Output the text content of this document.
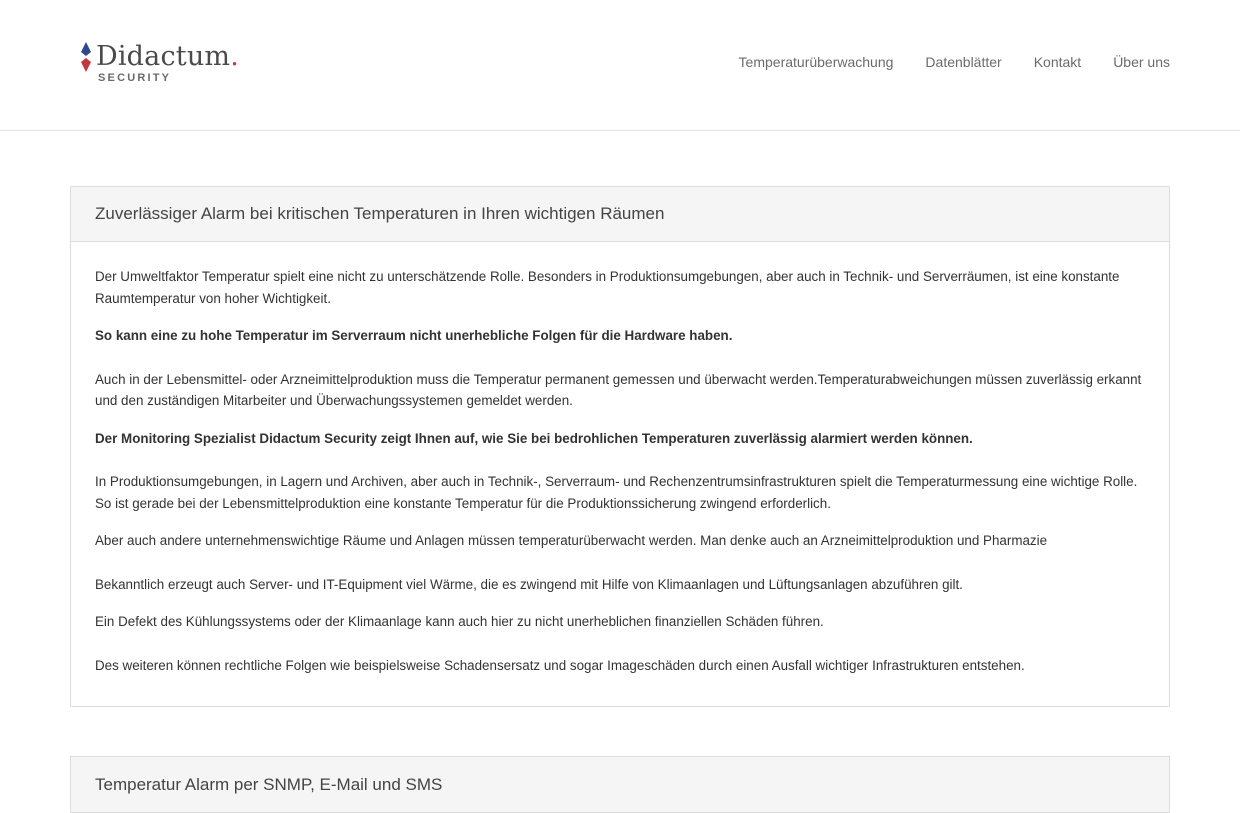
Didactum.
SECURITY
Temperaturüberwachung Datenblätter Kontakt Über uns
Zuverlässiger Alarm bei kritischen Temperaturen in Ihren wichtigen Räumen

Der Umweltfaktor Temperatur spielt eine nicht zu unterschätzende Rolle. Besonders in Produktionsumgebungen, aber auch in Technik- und Serverräumen, ist eine konstante Raumtemperatur von hoher Wichtigkeit.

So kann eine zu hohe Temperatur im Serverraum nicht unerhebliche Folgen für die Hardware haben.

Auch in der Lebensmittel- oder Arzneimittelproduktion muss die Temperatur permanent gemessen und überwacht werden.Temperaturabweichungen müssen zuverlässig erkannt und den zuständigen Mitarbeiter und Überwachungssystemen gemeldet werden.

Der Monitoring Spezialist Didactum Security zeigt Ihnen auf, wie Sie bei bedrohlichen Temperaturen zuverlässig alarmiert werden können.

In Produktionsumgebungen, in Lagern und Archiven, aber auch in Technik-, Serverraum- und Rechenzentrumsinfrastrukturen spielt die Temperaturmessung eine wichtige Rolle. So ist gerade bei der Lebensmittelproduktion eine konstante Temperatur für die Produktionssicherung zwingend erforderlich.

Aber auch andere unternehmenswichtige Räume und Anlagen müssen temperaturüberwacht werden. Man denke auch an Arzneimittelproduktion und Pharmazie

Bekanntlich erzeugt auch Server- und IT-Equipment viel Wärme, die es zwingend mit Hilfe von Klimaanlagen und Lüftungsanlagen abzuführen gilt.

Ein Defekt des Kühlungssystems oder der Klimaanlage kann auch hier zu nicht unerheblichen finanziellen Schäden führen.

Des weiteren können rechtliche Folgen wie beispielsweise Schadensersatz und sogar Imageschäden durch einen Ausfall wichtiger Infrastrukturen entstehen.

Temperatur Alarm per SNMP, E-Mail und SMS
